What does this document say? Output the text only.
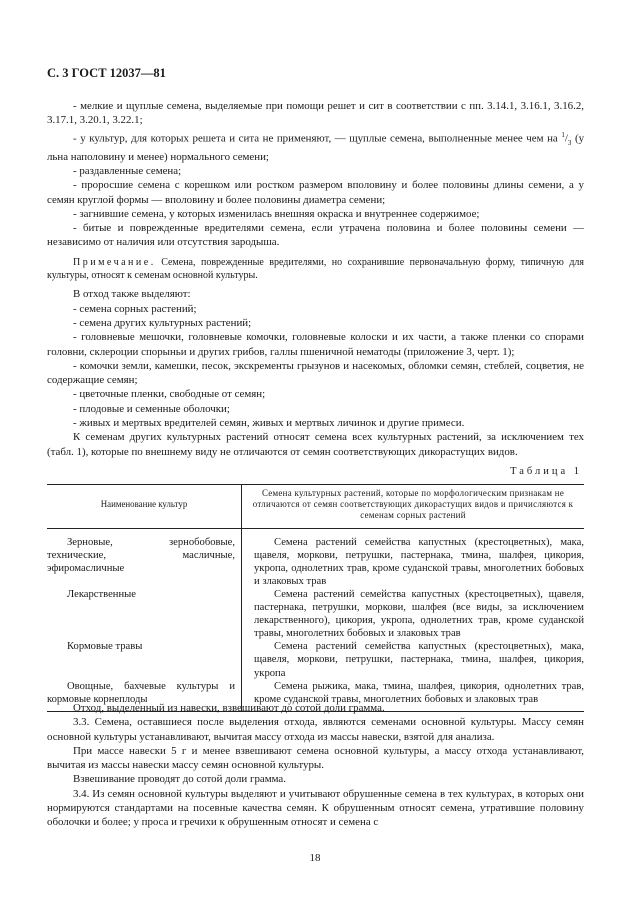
С. 3 ГОСТ 12037—81

- мелкие и щуплые семена, выделяемые при помощи решет и сит в соответствии с пп. 3.14.1, 3.16.1, 3.16.2, 3.17.1, 3.20.1, 3.22.1;

- у культур, для которых решета и сита не применяют, — щуплые семена, выполненные менее чем на $^1/_3$ (у льна наполовину и менее) нормального семени;

- раздавленные семена;

- проросшие семена с корешком или ростком размером вполовину и более половины длины семени, а у семян круглой формы — вполовину и более половины диаметра семени;

- загнившие семена, у которых изменилась внешняя окраска и внутреннее содержимое;

- битые и поврежденные вредителями семена, если утрачена половина и более половины семени — независимо от наличия или отсутствия зародыша.

Примечание. Семена, поврежденные вредителями, но сохранившие первоначальную форму, типичную для культуры, относят к семенам основной культуры.

В отход также выделяют:

- семена сорных растений;

- семена других культурных растений;

- головневые мешочки, головневые комочки, головневые колоски и их части, а также пленки со спорами головни, склероции спорыньи и других грибов, галлы пшеничной нематоды (приложение 3, черт. 1);

- комочки земли, камешки, песок, экскременты грызунов и насекомых, обломки семян, стеблей, соцветия, не содержащие семян;

- цветочные пленки, свободные от семян;

- плодовые и семенные оболочки;

- живых и мертвых вредителей семян, живых и мертвых личинок и другие примеси.

К семенам других культурных растений относят семена всех культурных растений, за исключением тех (табл. 1), которые по внешнему виду не отличаются от семян соответствующих дикорастущих видов.

Таблица 1
Наименование культур	Семена культурных растений, которые по морфологическим признакам не отличаются от семян соответствующих дикорастущих видов и причисляются к семенам сорных растений

Зерновые, зернобобовые, технические, масличные, эфиромасличные	Семена растений семейства капустных (крестоцветных), мака, щавеля, моркови, петрушки, пастернака, тмина, шалфея, цикория, укропа, однолетних трав, кроме суданской травы, многолетних бобовых и злаковых трав

Лекарственные	Семена растений семейства капустных (крестоцветных), щавеля, пастернака, петрушки, моркови, шалфея (все виды, за исключением лекарственного), цикория, укропа, однолетних трав, кроме суданской травы, многолетних бобовых и злаковых трав

Кормовые травы	Семена растений семейства капустных (крестоцветных), мака, щавеля, моркови, петрушки, пастернака, тмина, шалфея, цикория, укропа

Овощные, бахчевые культуры и кормовые корнеплоды	Семена рыжика, мака, тмина, шалфея, цикория, однолетних трав, кроме суданской травы, многолетних бобовых и злаковых трав

Отход, выделенный из навески, взвешивают до сотой доли грамма.

3.3. Семена, оставшиеся после выделения отхода, являются семенами основной культуры. Массу семян основной культуры устанавливают, вычитая массу отхода из массы навески, взятой для анализа.

При массе навески 5 г и менее взвешивают семена основной культуры, а массу отхода устанавливают, вычитая из массы навески массу семян основной культуры.

Взвешивание проводят до сотой доли грамма.

3.4. Из семян основной культуры выделяют и учитывают обрушенные семена в тех культурах, в которых они нормируются стандартами на посевные качества семян. К обрушенным относят семена, утратившие половину оболочки и более; у проса и гречихи к обрушенным относят и семена с

18
